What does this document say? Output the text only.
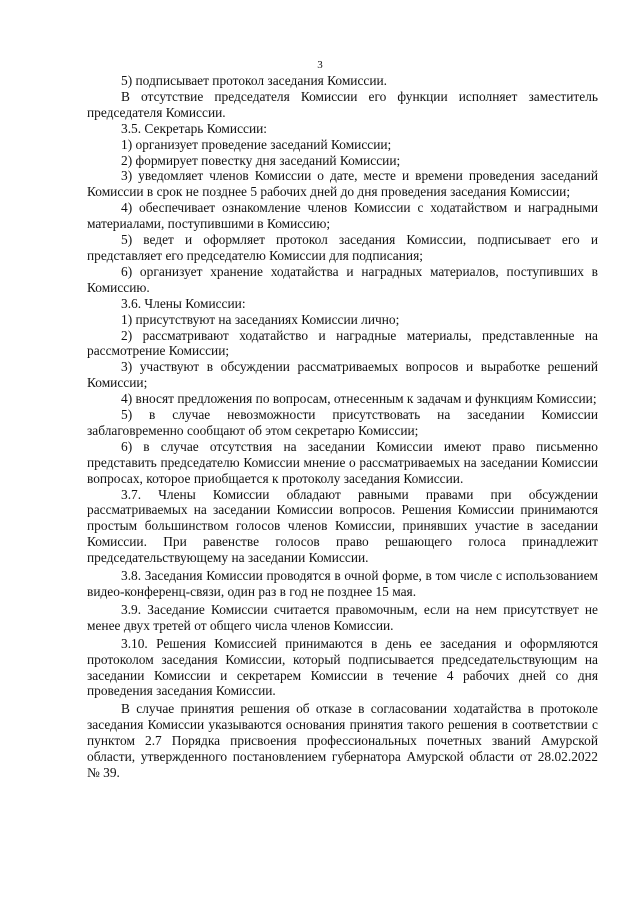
3

5) подписывает протокол заседания Комиссии.

В отсутствие председателя Комиссии его функции исполняет заместитель председателя Комиссии.

3.5. Секретарь Комиссии:

1) организует проведение заседаний Комиссии;

2) формирует повестку дня заседаний Комиссии;

3) уведомляет членов Комиссии о дате, месте и времени проведения заседаний Комиссии в срок не позднее 5 рабочих дней до дня проведения заседания Комиссии;

4) обеспечивает ознакомление членов Комиссии с ходатайством и наградными материалами, поступившими в Комиссию;

5) ведет и оформляет протокол заседания Комиссии, подписывает его и представляет его председателю Комиссии для подписания;

6) организует хранение ходатайства и наградных материалов, поступивших в Комиссию.

3.6. Члены Комиссии:

1) присутствуют на заседаниях Комиссии лично;

2) рассматривают ходатайство и наградные материалы, представленные на рассмотрение Комиссии;

3) участвуют в обсуждении рассматриваемых вопросов и выработке решений Комиссии;

4) вносят предложения по вопросам, отнесенным к задачам и функциям Комиссии;

5) в случае невозможности присутствовать на заседании Комиссии заблаговременно сообщают об этом секретарю Комиссии;

6) в случае отсутствия на заседании Комиссии имеют право письменно представить председателю Комиссии мнение о рассматриваемых на заседании Комиссии вопросах, которое приобщается к протоколу заседания Комиссии.

3.7. Члены Комиссии обладают равными правами при обсуждении рассматриваемых на заседании Комиссии вопросов. Решения Комиссии принимаются простым большинством голосов членов Комиссии, принявших участие в заседании Комиссии. При равенстве голосов право решающего голоса принадлежит председательствующему на заседании Комиссии.

3.8. Заседания Комиссии проводятся в очной форме, в том числе с использованием видео-конференц-связи, один раз в год не позднее 15 мая.

3.9. Заседание Комиссии считается правомочным, если на нем присутствует не менее двух третей от общего числа членов Комиссии.

3.10. Решения Комиссией принимаются в день ее заседания и оформляются протоколом заседания Комиссии, который подписывается председательствующим на заседании Комиссии и секретарем Комиссии в течение 4 рабочих дней со дня проведения заседания Комиссии.

В случае принятия решения об отказе в согласовании ходатайства в протоколе заседания Комиссии указываются основания принятия такого решения в соответствии с пунктом 2.7 Порядка присвоения профессиональных почетных званий Амурской области, утвержденного постановлением губернатора Амурской области от 28.02.2022 № 39.
